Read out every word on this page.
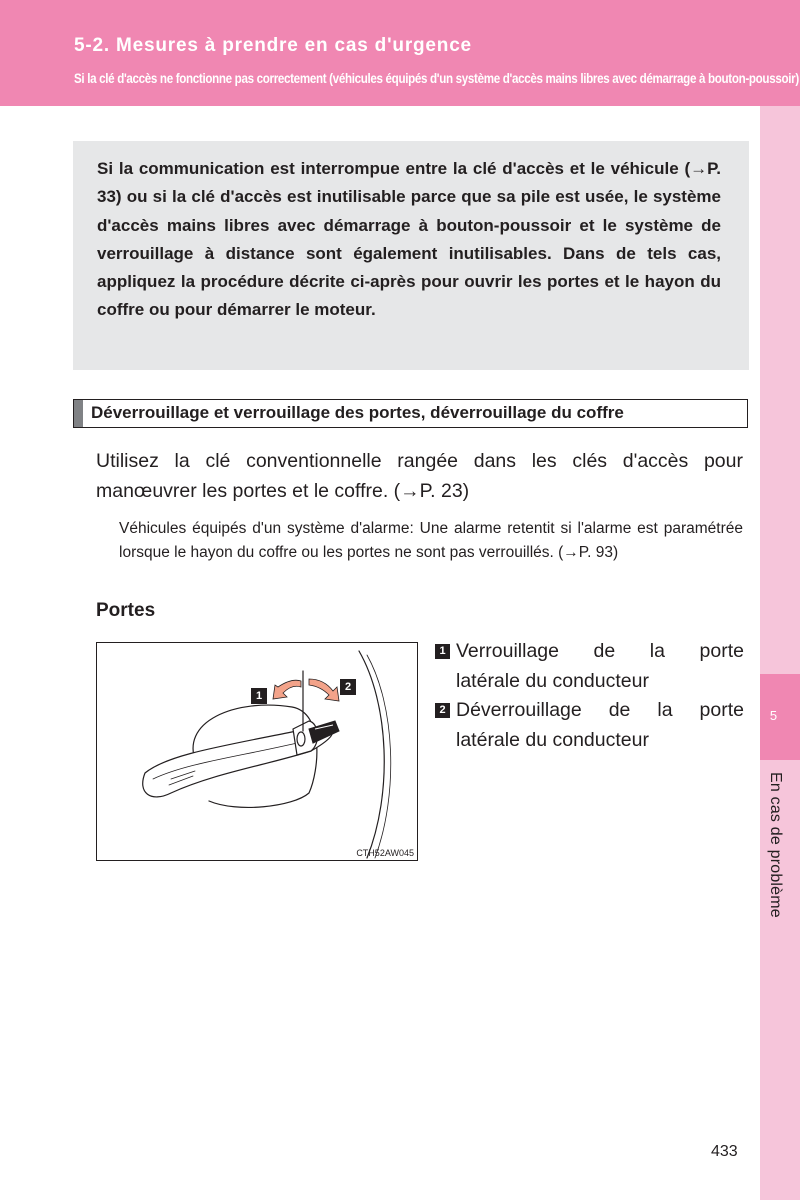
5-2. Mesures à prendre en cas d'urgence
Si la clé d'accès ne fonctionne pas correctement (véhicules équipés d'un système d'accès mains libres avec démarrage à bouton-poussoir)
5
En cas de problème

Si la communication est interrompue entre la clé d'accès et le véhicule (→P. 33) ou si la clé d'accès est inutilisable parce que sa pile est usée, le système d'accès mains libres avec démarrage à bouton-poussoir et le système de verrouillage à distance sont également inutilisables. Dans de tels cas, appliquez la procédure décrite ci-après pour ouvrir les portes et le hayon du coffre ou pour démarrer le moteur.

Déverrouillage et verrouillage des portes, déverrouillage du coffre

Utilisez la clé conventionnelle rangée dans les clés d'accès pour manœuvrer les portes et le coffre. (→P. 23)

Véhicules équipés d'un système d'alarme: Une alarme retentit si l'alarme est paramétrée lorsque le hayon du coffre ou les portes ne sont pas verrouillés. (→P. 93)

Portes
1
2
CTH52AW045
1 Verrouillage de la porte

latérale du conducteur

2 Déverrouillage de la porte

latérale du conducteur

433
